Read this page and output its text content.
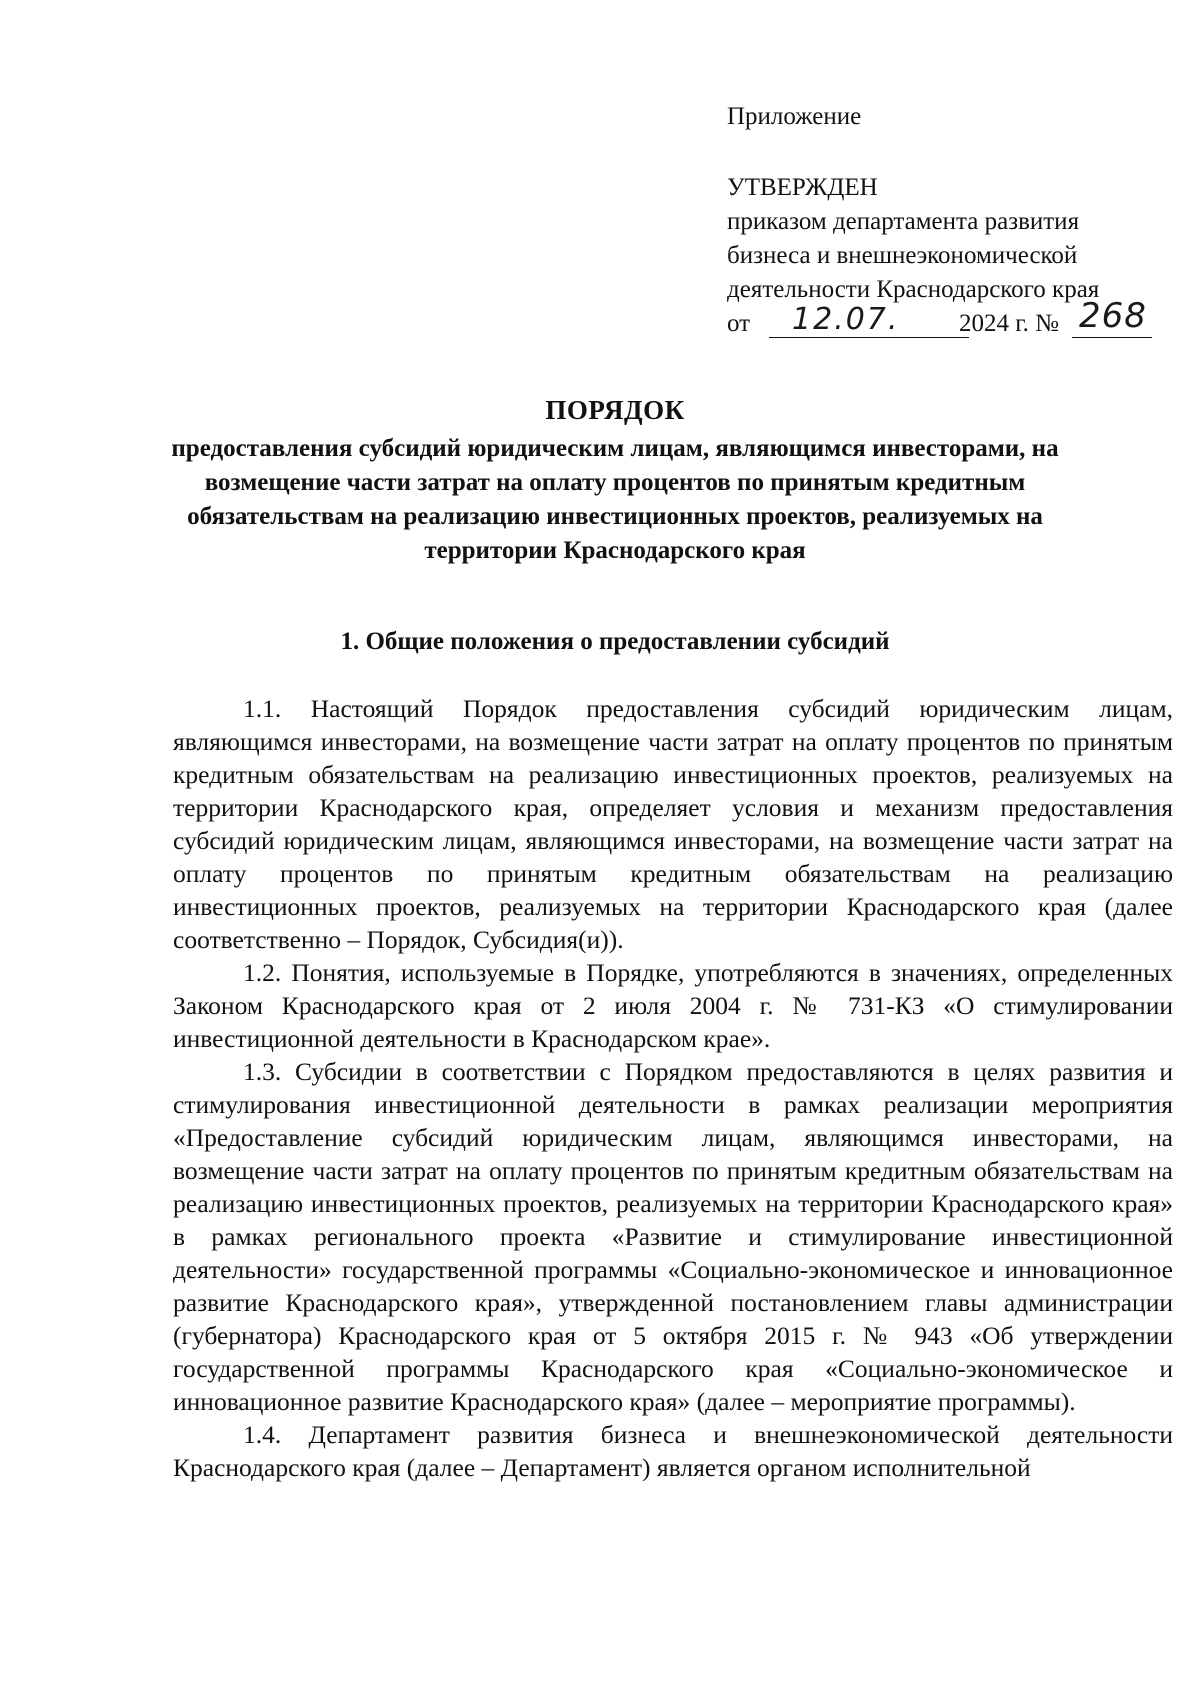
Приложение

УТВЕРЖДЕН

приказом департамента развития

бизнеса и внешнеэкономической

деятельности Краснодарского края

от 12.07. 2024 г. № 268

ПОРЯДОК

предоставления субсидий юридическим лицам, являющимся инвесторами, на возмещение части затрат на оплату процентов по принятым кредитным обязательствам на реализацию инвестиционных проектов, реализуемых на территории Краснодарского края

1. Общие положения о предоставлении субсидий

1.1. Настоящий Порядок предоставления субсидий юридическим лицам, являющимся инвесторами, на возмещение части затрат на оплату процентов по принятым кредитным обязательствам на реализацию инвестиционных проектов, реализуемых на территории Краснодарского края, определяет условия и механизм предоставления субсидий юридическим лицам, являющимся инвесторами, на возмещение части затрат на оплату процентов по принятым кредитным обязательствам на реализацию инвестиционных проектов, реализуемых на территории Краснодарского края (далее соответственно – Порядок, Субсидия(и)).

1.2. Понятия, используемые в Порядке, употребляются в значениях, определенных Законом Краснодарского края от 2 июля 2004 г. № 731-КЗ «О стимулировании инвестиционной деятельности в Краснодарском крае».

1.3. Субсидии в соответствии с Порядком предоставляются в целях развития и стимулирования инвестиционной деятельности в рамках реализации мероприятия «Предоставление субсидий юридическим лицам, являющимся инвесторами, на возмещение части затрат на оплату процентов по принятым кредитным обязательствам на реализацию инвестиционных проектов, реализуемых на территории Краснодарского края» в рамках регионального проекта «Развитие и стимулирование инвестиционной деятельности» государственной программы «Социально-экономическое и инновационное развитие Краснодарского края», утвержденной постановлением главы администрации (губернатора) Краснодарского края от 5 октября 2015 г. № 943 «Об утверждении государственной программы Краснодарского края «Социально-экономическое и инновационное развитие Краснодарского края» (далее – мероприятие программы).

1.4. Департамент развития бизнеса и внешнеэкономической деятельности Краснодарского края (далее – Департамент) является органом исполнительной
